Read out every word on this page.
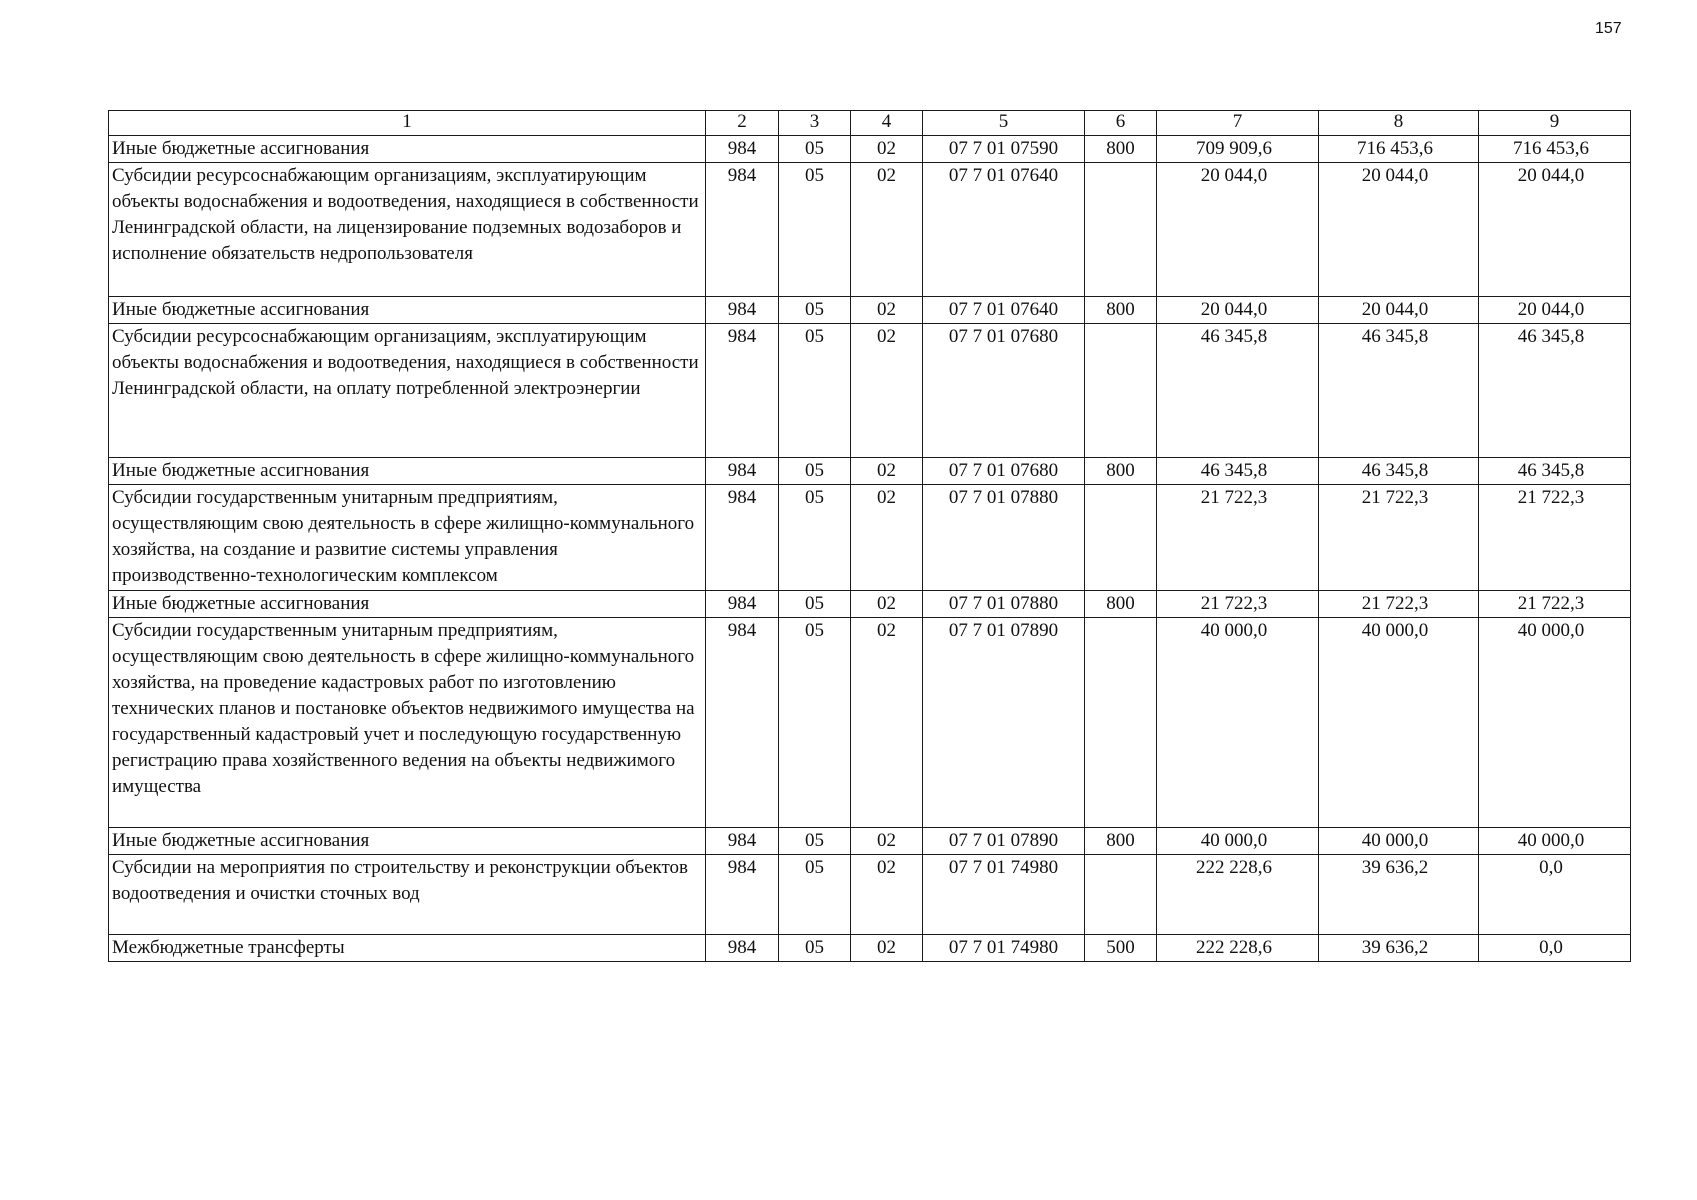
157
1	2	3	4	5	6	7	8	9
Иные бюджетные ассигнования	984	05	02	07 7 01 07590	800	709 909,6	716 453,6	716 453,6
Субсидии ресурсоснабжающим организациям, эксплуатирующим объекты водоснабжения и водоотведения, находящиеся в собственности Ленинградской области, на лицензирование подземных водозаборов и исполнение обязательств недропользователя	984	05	02	07 7 01 07640		20 044,0	20 044,0	20 044,0
Иные бюджетные ассигнования	984	05	02	07 7 01 07640	800	20 044,0	20 044,0	20 044,0
Субсидии ресурсоснабжающим организациям, эксплуатирующим объекты водоснабжения и водоотведения, находящиеся в собственности Ленинградской области, на оплату потребленной электроэнергии	984	05	02	07 7 01 07680		46 345,8	46 345,8	46 345,8
Иные бюджетные ассигнования	984	05	02	07 7 01 07680	800	46 345,8	46 345,8	46 345,8
Субсидии государственным унитарным предприятиям, осуществляющим свою деятельность в сфере жилищно-коммунального хозяйства, на создание и развитие системы управления производственно-технологическим комплексом	984	05	02	07 7 01 07880		21 722,3	21 722,3	21 722,3
Иные бюджетные ассигнования	984	05	02	07 7 01 07880	800	21 722,3	21 722,3	21 722,3
Субсидии государственным унитарным предприятиям, осуществляющим свою деятельность в сфере жилищно-коммунального хозяйства, на проведение кадастровых работ по изготовлению технических планов и постановке объектов недвижимого имущества на государственный кадастровый учет и последующую государственную регистрацию права хозяйственного ведения на объекты недвижимого имущества	984	05	02	07 7 01 07890		40 000,0	40 000,0	40 000,0
Иные бюджетные ассигнования	984	05	02	07 7 01 07890	800	40 000,0	40 000,0	40 000,0
Субсидии на мероприятия по строительству и реконструкции объектов водоотведения и очистки сточных вод	984	05	02	07 7 01 74980		222 228,6	39 636,2	0,0
Межбюджетные трансферты	984	05	02	07 7 01 74980	500	222 228,6	39 636,2	0,0
